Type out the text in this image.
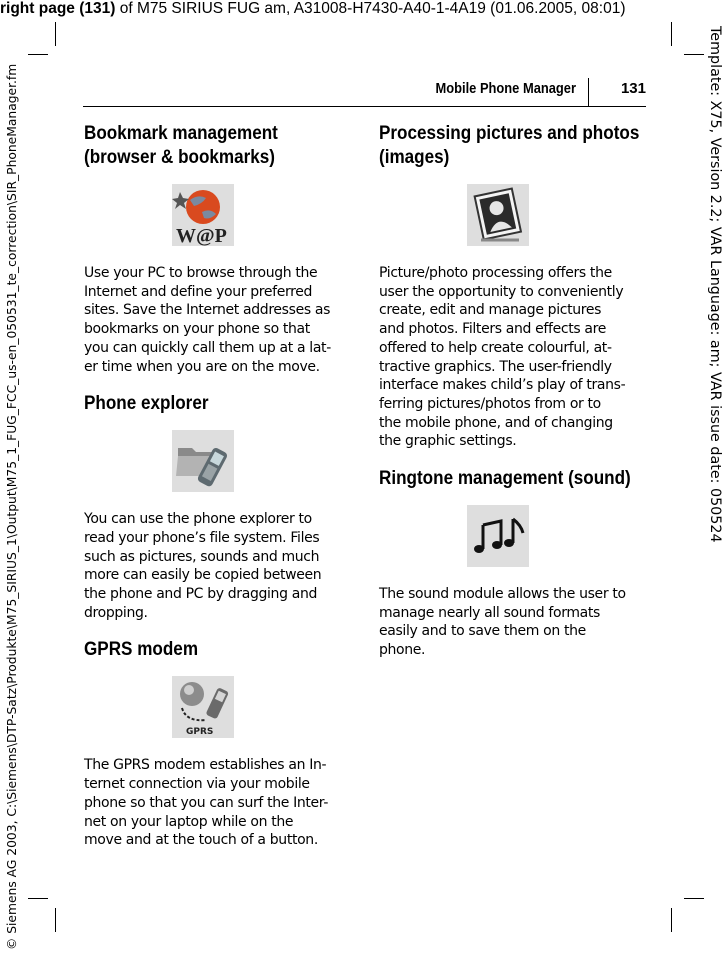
right page (131) of M75 SIRIUS FUG am, A31008-H7430-A40-1-4A19 (01.06.2005, 08:01)
© Siemens AG 2003, C:\Siemens\DTP-Satz\Produkte\M75_SIRIUS_1\Output\M75_1_FUG_FCC_us-en_050531_te_correction\SIR_PhoneManager.fm	Template: X75, Version 2.2; VAR Language: am; VAR issue date: 050524
Mobile Phone Manager	131
Bookmark management
(browser & bookmarks)
W@P

Use your PC to browse through the
Internet and define your preferred
sites. Save the Internet addresses as
bookmarks on your phone so that
you can quickly call them up at a lat-
er time when you are on the move.

Phone explorer

You can use the phone explorer to
read your phone’s file system. Files
such as pictures, sounds and much
more can easily be copied between
the phone and PC by dragging and
dropping.

GPRS modem
GPRS

The GPRS modem establishes an In-
ternet connection via your mobile
phone so that you can surf the Inter-
net on your laptop while on the
move and at the touch of a button.

Processing pictures and photos
(images)

Picture/photo processing offers the
user the opportunity to conveniently
create, edit and manage pictures
and photos. Filters and effects are
offered to help create colourful, at-
tractive graphics. The user-friendly
interface makes child’s play of trans-
ferring pictures/photos from or to
the mobile phone, and of changing
the graphic settings.

Ringtone management (sound)

The sound module allows the user to
manage nearly all sound formats
easily and to save them on the
phone.
